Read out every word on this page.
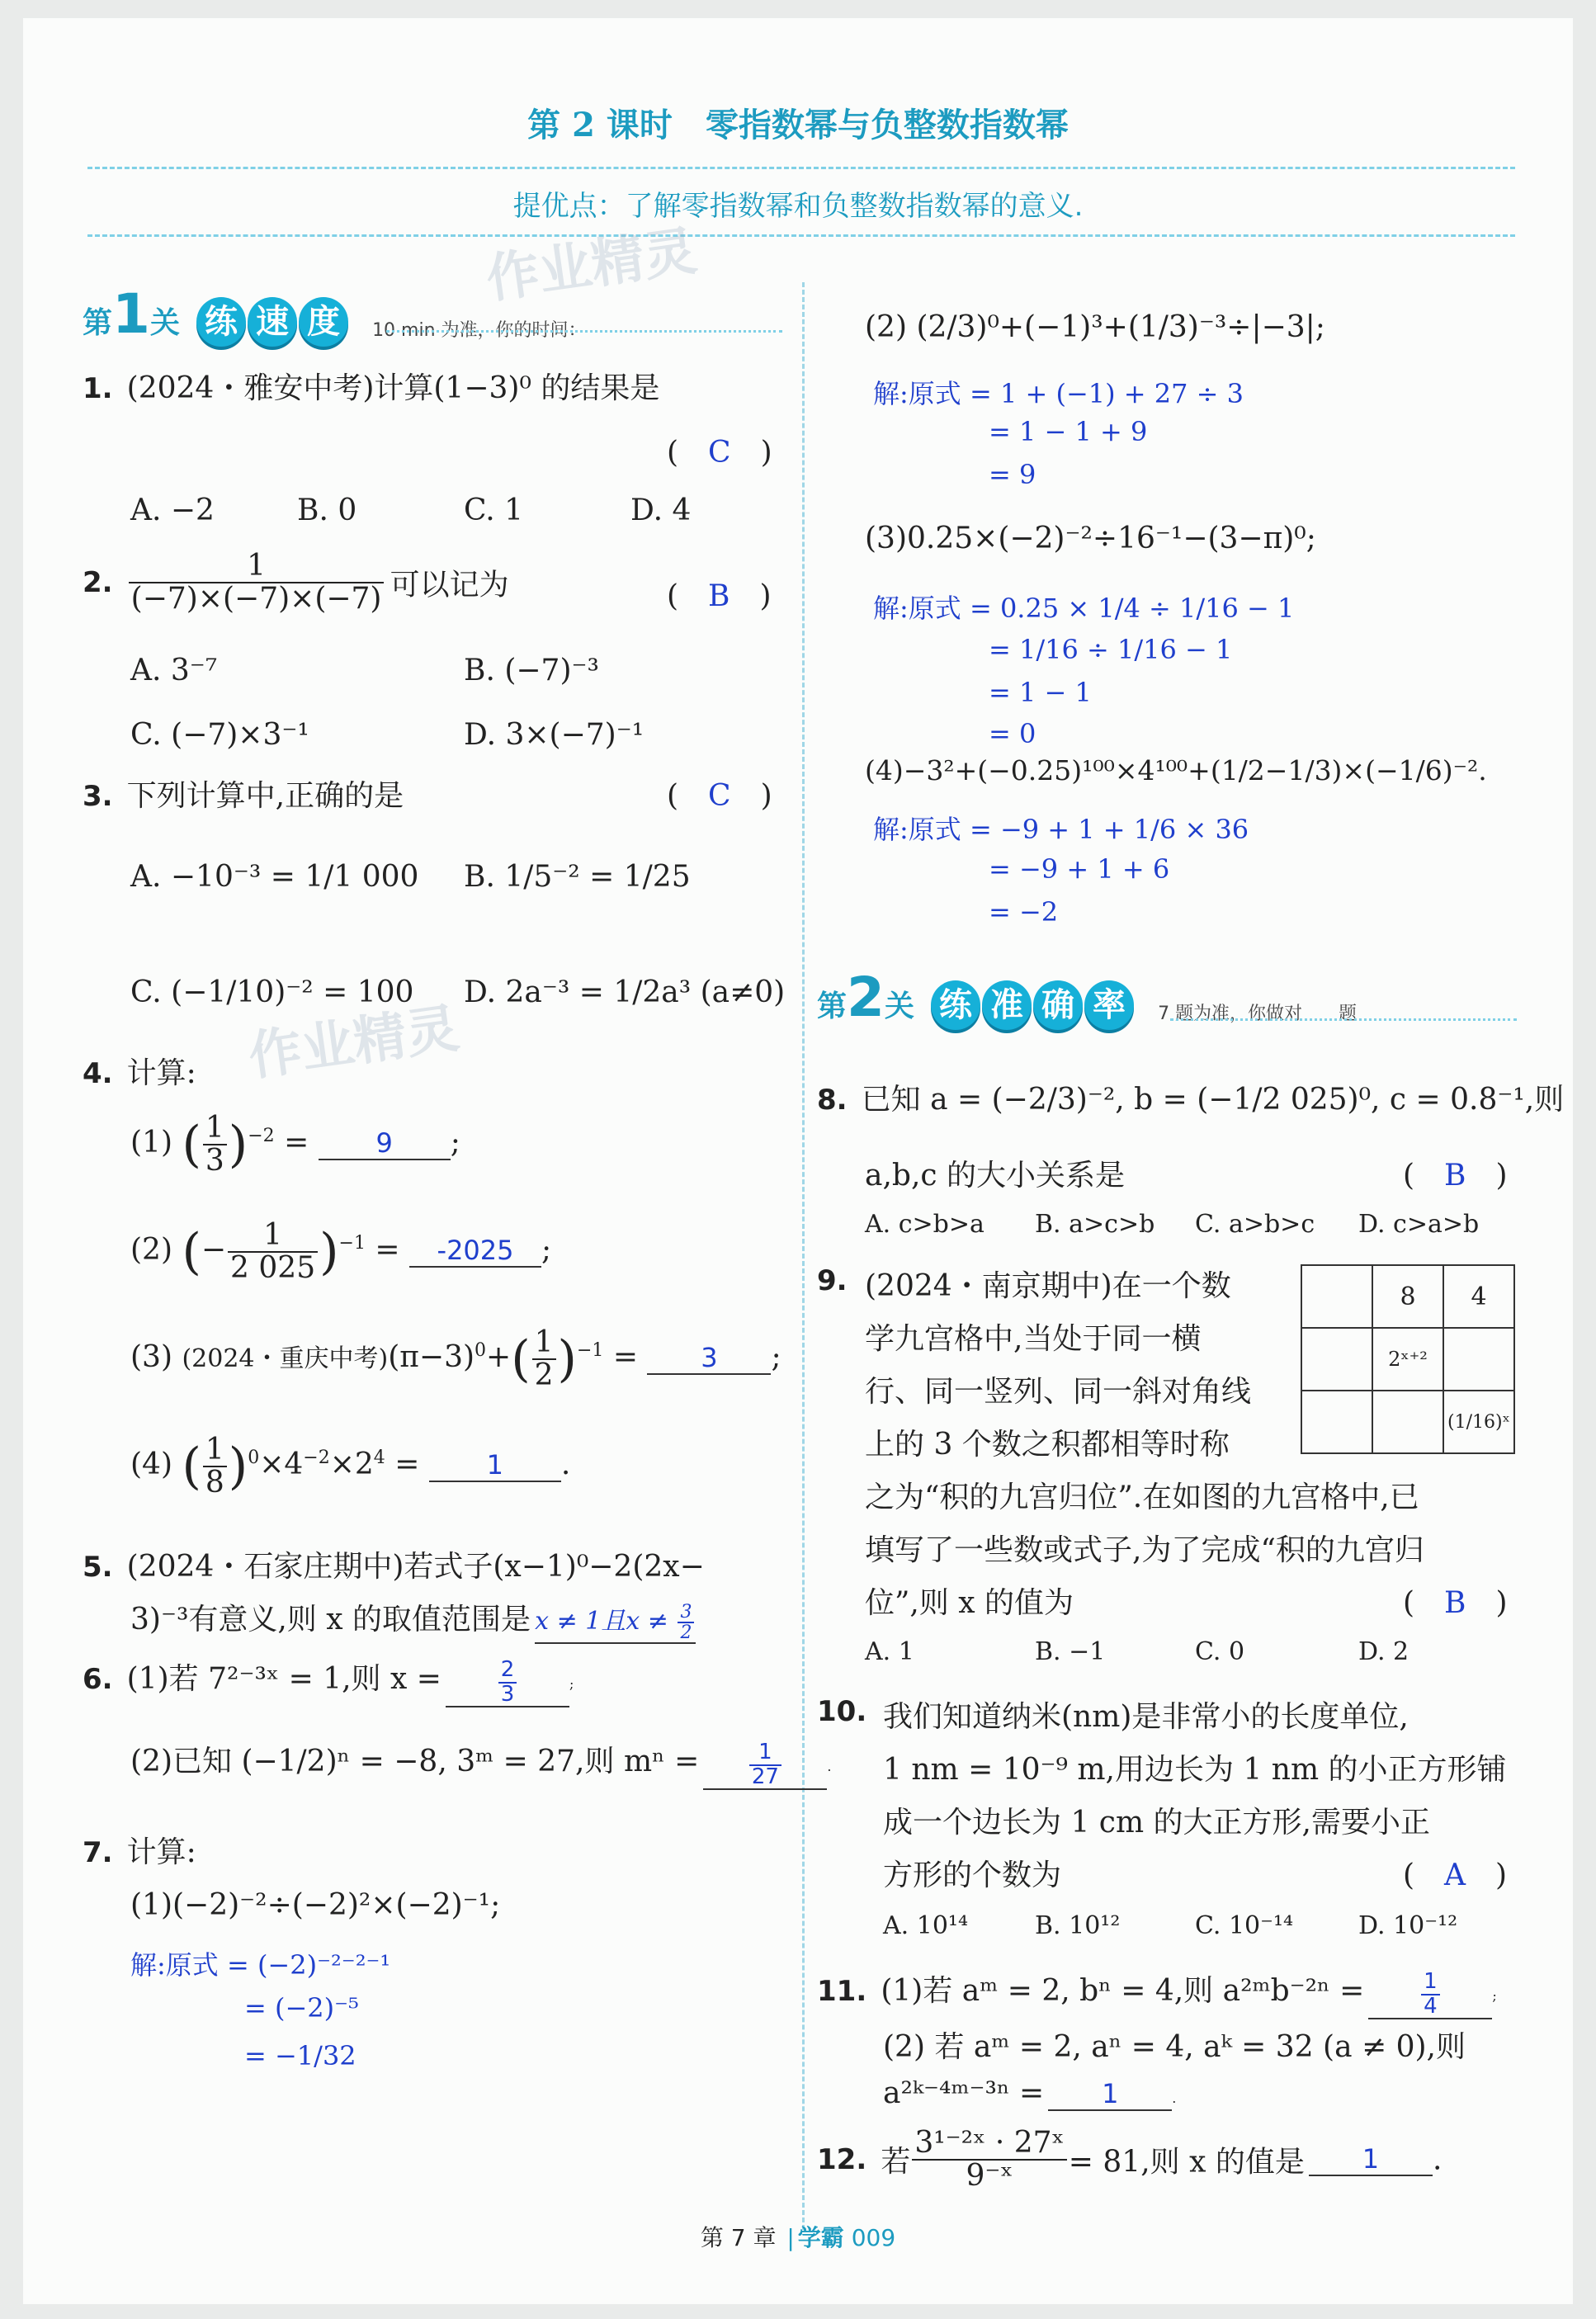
第 2 课时　零指数幂与负整数指数幂
提优点：了解零指数幂和负整数指数幂的意义.
作业精灵
作业精灵
第1关 练 速 度 10 min 为准，你的时间：
1. (2024・雅安中考)计算(1−3)⁰ 的结果是
(　C　)
A. −2	B. 0	C. 1	D. 4
2. $\frac{1}{(-7)\times(-7)\times(-7)}$ 可以记为	(　B　)
A. 3⁻⁷	B. (−7)⁻³
C. (−7)×3⁻¹	D. 3×(−7)⁻¹
3. 下列计算中,正确的是	(　C　)
A. −10⁻³ = 1/1 000 B. 1/5⁻² = 1/25
C. (−1/10)⁻² = 100 D. 2a⁻³ = 1/2a³ (a≠0)
4. 计算:
(1) ( $\frac{1}{3} )^{-2} = 9$ ;
(2) (− $\frac{1}{2 025} )^{-1} = -2025$ ;
(3) (2024・重庆中考)$(\pi-3)^0+( \frac{1}{2} )^{-1} = 3$ ;
(4) ( $\frac{1}{8} )^0\times 4^{-2}\times 2^4 = 1$ .
5. (2024・石家庄期中)若式子(x−1)⁰−2(2x−
3)⁻³有意义,则 x 的取值范围是 x ≠ 1且$x \ne \frac{3}{2}$
6. (1)若 7²⁻³ˣ = 1,则 x =	$\frac{2}{3}$	;
(2)已知 (−1/2)ⁿ = −8, 3ᵐ = 27,则 $m^n = \frac{1}{27}$	.
7. 计算:
(1)(−2)⁻²÷(−2)²×(−2)⁻¹;
解:原式 = (−2)⁻²⁻²⁻¹
= (−2)⁻⁵
= −1/32
(2) (2/3)⁰+(−1)³+(1/3)⁻³÷|−3|;
解:原式 = 1 + (−1) + 27 ÷ 3
= 1 − 1 + 9
= 9
(3)0.25×(−2)⁻²÷16⁻¹−(3−π)⁰;
解:原式 = 0.25 × 1/4 ÷ 1/16 − 1
= 1/16 ÷ 1/16 − 1
= 1 − 1
= 0
(4)−3²+(−0.25)¹⁰⁰×4¹⁰⁰+(1/2−1/3)×(−1/6)⁻².
解:原式 = −9 + 1 + 1/6 × 36
= −9 + 1 + 6
= −2
第2关 练 准 确 率 7 题为准，你做对　　题
8. 已知 a = (−2/3)⁻², b = (−1/2 025)⁰, c = 0.8⁻¹,则
a,b,c 的大小关系是	(　B　)
A. c>b>a B. a>c>b C. a>b>c D. c>a>b
9. (2024・南京期中)在一个数
学九宫格中,当处于同一横
行、同一竖列、同一斜对角线
上的 3 个数之积都相等时称
之为“积的九宫归位”.在如图的九宫格中,已
填写了一些数或式子,为了完成“积的九宫归
位”,则 x 的值为
	8	4
	2ˣ⁺²	
		(1/16)ˣ
(　B　)
A. 1	B. −1	C. 0	D. 2
10. 我们知道纳米(nm)是非常小的长度单位,
1 nm = 10⁻⁹ m,用边长为 1 nm 的小正方形铺
成一个边长为 1 cm 的大正方形,需要小正
方形的个数为	(　A　)
A. 10¹⁴	B. 10¹²	C. 10⁻¹⁴	D. 10⁻¹²
11. (1)若 aᵐ = 2, bⁿ = 4,则 a²ᵐb⁻²ⁿ =	$\frac{1}{4}$	;
(2) 若 aᵐ = 2, aⁿ = 4, aᵏ = 32 (a ≠ 0),则
a²ᵏ⁻⁴ᵐ⁻³ⁿ = 1	.
12. 若 $\frac{\text{3¹⁻²ˣ · 27ˣ}}{\text{9⁻ˣ}} = 81$,则 x 的值是 1 .
第 7 章 | 学霸 009
